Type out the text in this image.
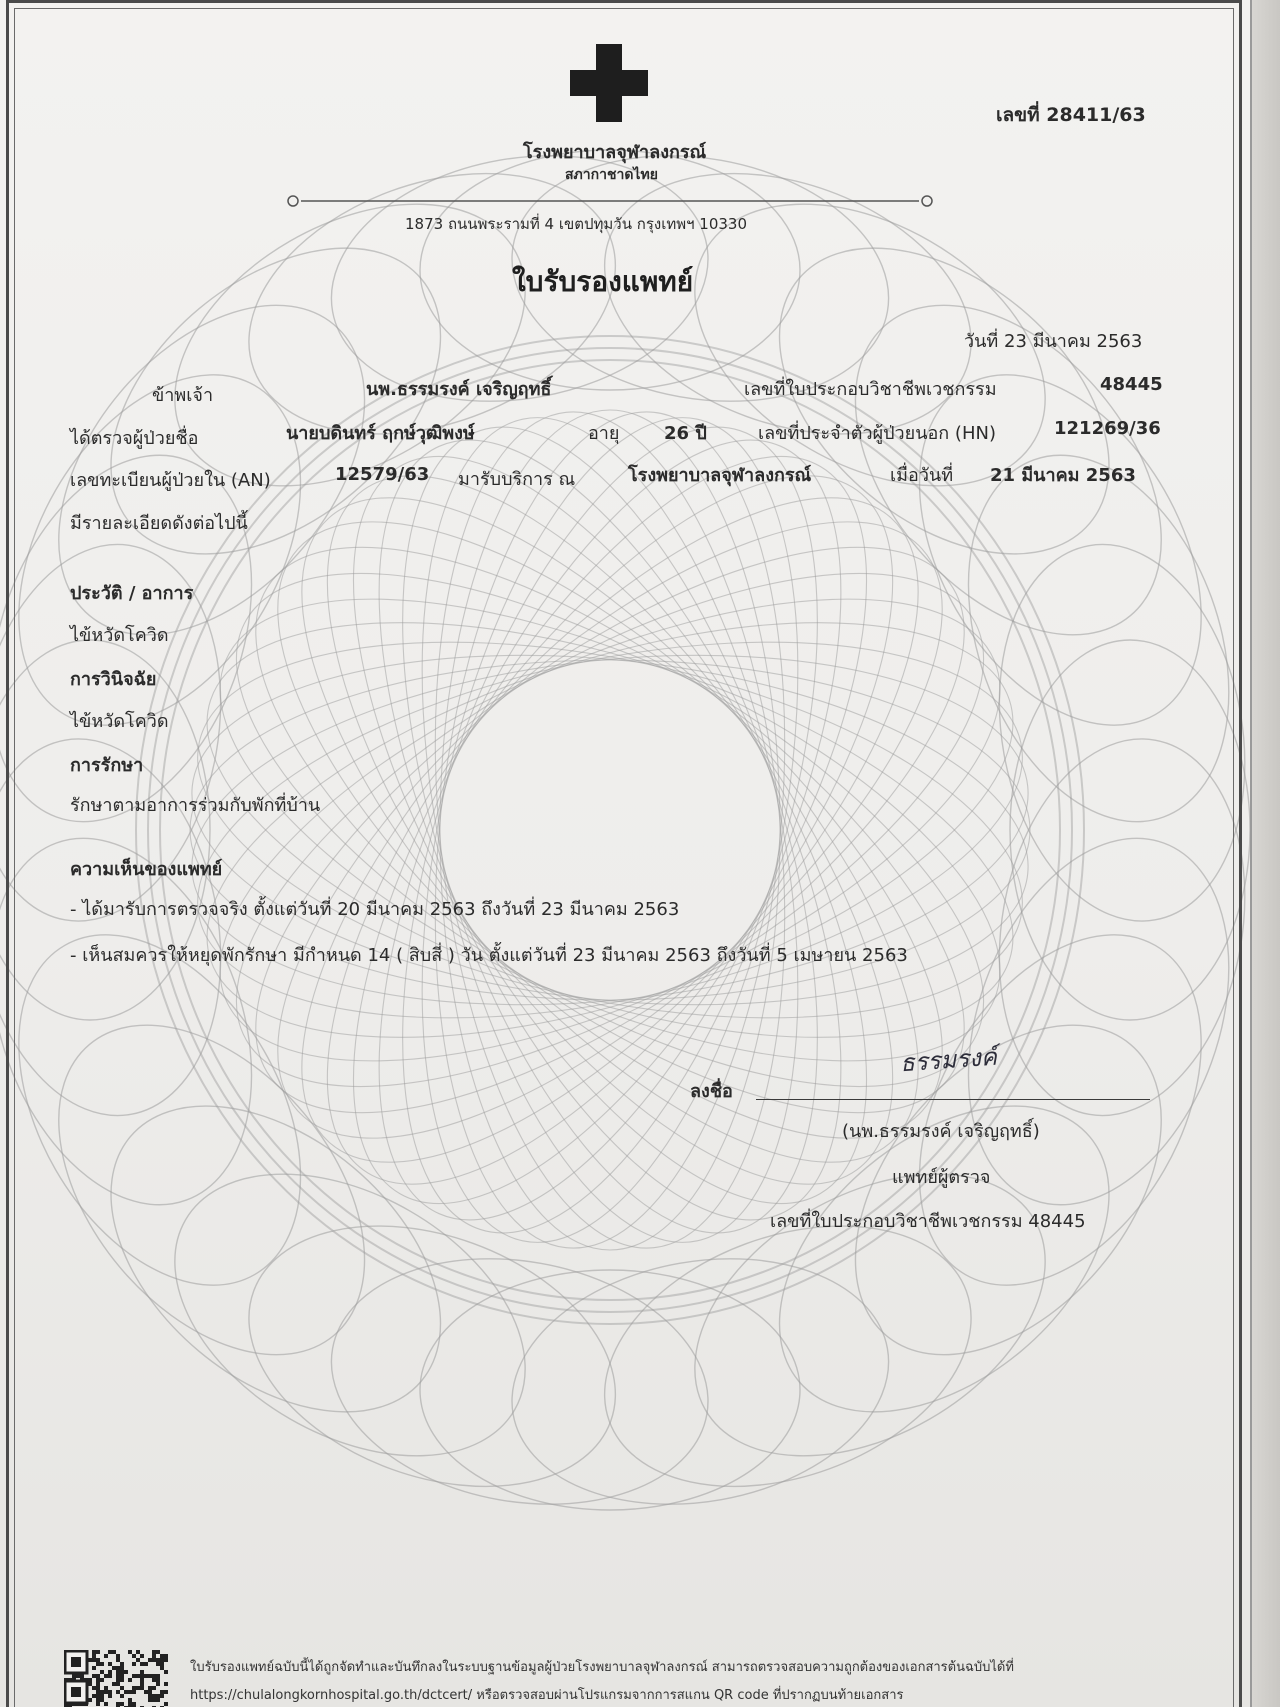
เลขที่ 28411/63
โรงพยาบาลจุฬาลงกรณ์
สภากาชาดไทย
1873 ถนนพระรามที่ 4 เขตปทุมวัน กรุงเทพฯ 10330
ใบรับรองแพทย์
วันที่ 23 มีนาคม 2563
ข้าพเจ้า	นพ.ธรรมรงค์ เจริญฤทธิ์	เลขที่ใบประกอบวิชาชีพเวชกรรม	48445
ได้ตรวจผู้ป่วยชื่อ	นายบดินทร์ ฤกษ์วุฒิพงษ์	อายุ 26 ปี	เลขที่ประจำตัวผู้ป่วยนอก (HN)	121269/36
เลขทะเบียนผู้ป่วยใน (AN)	12579/63 มารับบริการ ณ	โรงพยาบาลจุฬาลงกรณ์	เมื่อวันที่ 21 มีนาคม 2563
มีรายละเอียดดังต่อไปนี้
ประวัติ / อาการ
ไข้หวัดโควิด
การวินิจฉัย
ไข้หวัดโควิด
การรักษา
รักษาตามอาการร่วมกับพักที่บ้าน
ความเห็นของแพทย์
- ได้มารับการตรวจจริง ตั้งแต่วันที่ 20 มีนาคม 2563 ถึงวันที่ 23 มีนาคม 2563
- เห็นสมควรให้หยุดพักรักษา มีกำหนด 14 ( สิบสี่ ) วัน ตั้งแต่วันที่ 23 มีนาคม 2563 ถึงวันที่ 5 เมษายน 2563
ลงชื่อ
ธรรมรงค์
(นพ.ธรรมรงค์ เจริญฤทธิ์)
แพทย์ผู้ตรวจ
เลขที่ใบประกอบวิชาชีพเวชกรรม 48445
ใบรับรองแพทย์ฉบับนี้ได้ถูกจัดทำและบันทึกลงในระบบฐานข้อมูลผู้ป่วยโรงพยาบาลจุฬาลงกรณ์ สามารถตรวจสอบความถูกต้องของเอกสารต้นฉบับได้ที่
https://chulalongkornhospital.go.th/dctcert/ หรือตรวจสอบผ่านโปรแกรมจากการสแกน QR code ที่ปรากฏบนท้ายเอกสาร
